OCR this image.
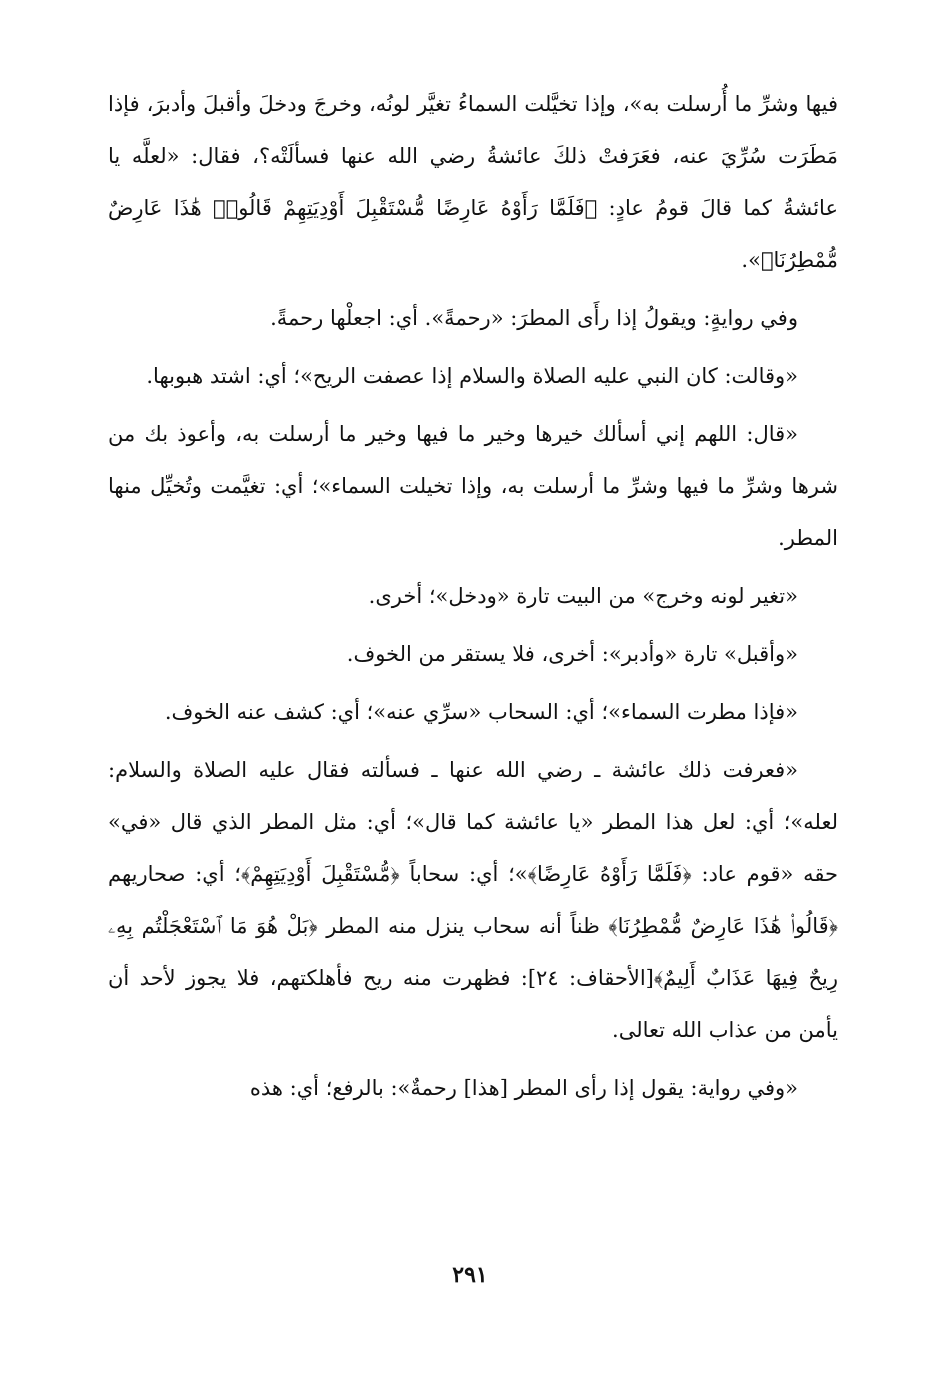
فيها وشرِّ ما أُرسلت به»، وإذا تخيَّلت السماءُ تغيَّر لونُه، وخرجَ ودخلَ وأقبلَ وأدبرَ، فإذا مَطَرَت سُرِّيَ عنه، فعَرَفتْ ذلكَ عائشةُ رضي الله عنها فسألَتْه؟، فقال: «لعلَّه يا عائشةُ كما قالَ قومُ عادٍ: ﴿فَلَمَّا رَأَوْهُ عَارِضًا مُّسْتَقْبِلَ أَوْدِيَتِهِمْ قَالُوا۟ هَٰذَا عَارِضٌ مُّمْطِرُنَا﴾».

وفي روايةٍ: ويقولُ إذا رأَى المطرَ: «رحمةً». أي: اجعلْها رحمةً.

«وقالت: كان النبي عليه الصلاة والسلام إذا عصفت الريح»؛ أي: اشتد هبوبها.

«قال: اللهم إني أسألك خيرها وخير ما فيها وخير ما أرسلت به، وأعوذ بك من شرها وشرِّ ما فيها وشرِّ ما أرسلت به، وإذا تخيلت السماء»؛ أي: تغيَّمت وتُخيِّل منها المطر.

«تغير لونه وخرج» من البيت تارة «ودخل»؛ أخرى.

«وأقبل» تارة «وأدبر»: أخرى، فلا يستقر من الخوف.

«فإذا مطرت السماء»؛ أي: السحاب «سرِّي عنه»؛ أي: كشف عنه الخوف.

«فعرفت ذلك عائشة ـ رضي الله عنها ـ فسألته فقال عليه الصلاة والسلام: لعله»؛ أي: لعل هذا المطر «يا عائشة كما قال»؛ أي: مثل المطر الذي قال «في» حقه «قوم عاد: ﴿فَلَمَّا رَأَوْهُ عَارِضًا﴾»؛ أي: سحاباً ﴿مُّسْتَقْبِلَ أَوْدِيَتِهِمْ﴾؛ أي: صحاريهم ﴿قَالُوا۟ هَٰذَا عَارِضٌ مُّمْطِرُنَا﴾ ظناً أنه سحاب ينزل منه المطر ﴿بَلْ هُوَ مَا ٱسْتَعْجَلْتُم بِهِۦ رِيحٌ فِيهَا عَذَابٌ أَلِيمٌ﴾[الأحقاف: ٢٤]: فظهرت منه ريح فأهلكتهم، فلا يجوز لأحد أن يأمن من عذاب الله تعالى.

«وفي رواية: يقول إذا رأى المطر [هذا] رحمةٌ»: بالرفع؛ أي: هذه

٢٩١
